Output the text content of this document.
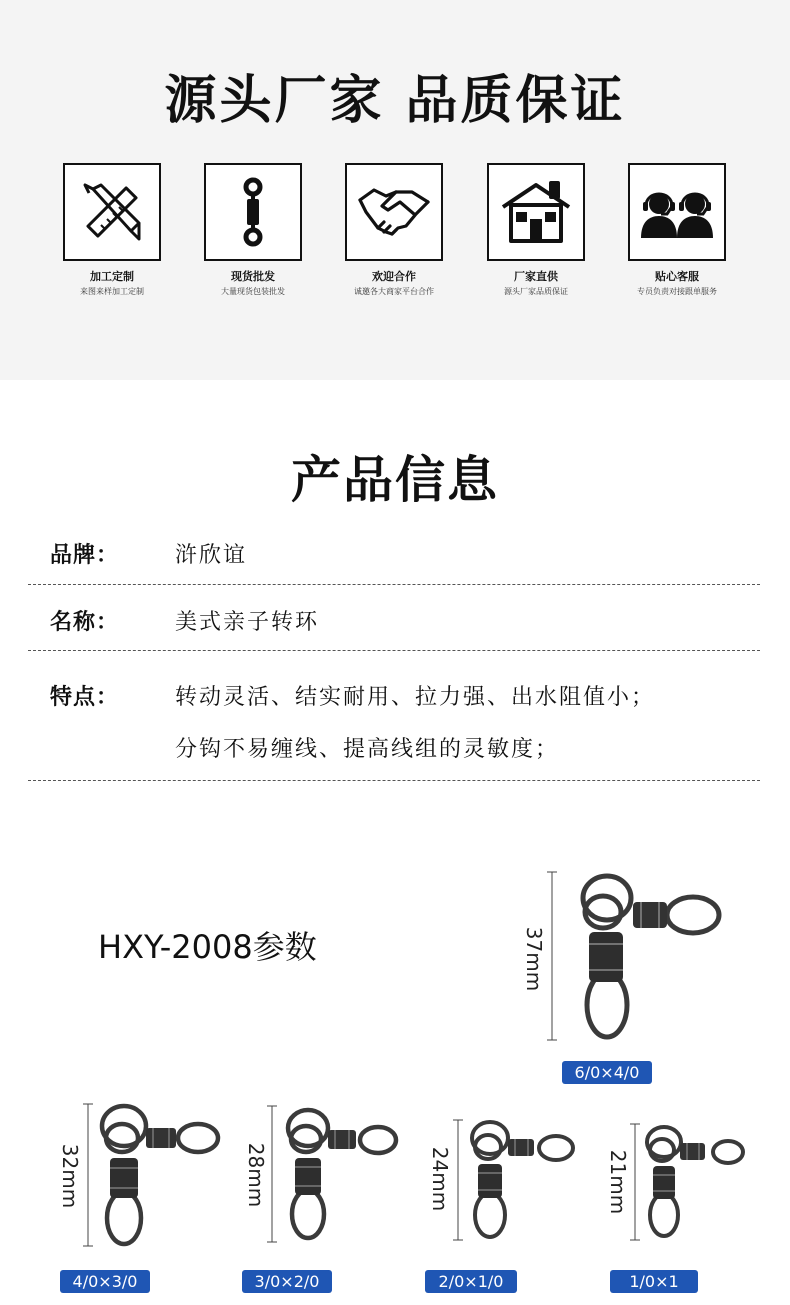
源头厂家 品质保证
加工定制
来图来样加工定制
现货批发
大量现货包装批发
欢迎合作
诚邀各大商家平台合作
厂家直供
源头厂家品质保证
贴心客服
专员负责对接跟单服务
产品信息
品牌：	浒欣谊
名称：	美式亲子转环
特点：	转动灵活、结实耐用、拉力强、出水阻值小；
分钩不易缠线、提高线组的灵敏度；
HXY-2008参数	37mm
6/0×4/0
32mm
4/0×3/0
28mm
3/0×2/0
24mm
2/0×1/0
21mm
1/0×1
